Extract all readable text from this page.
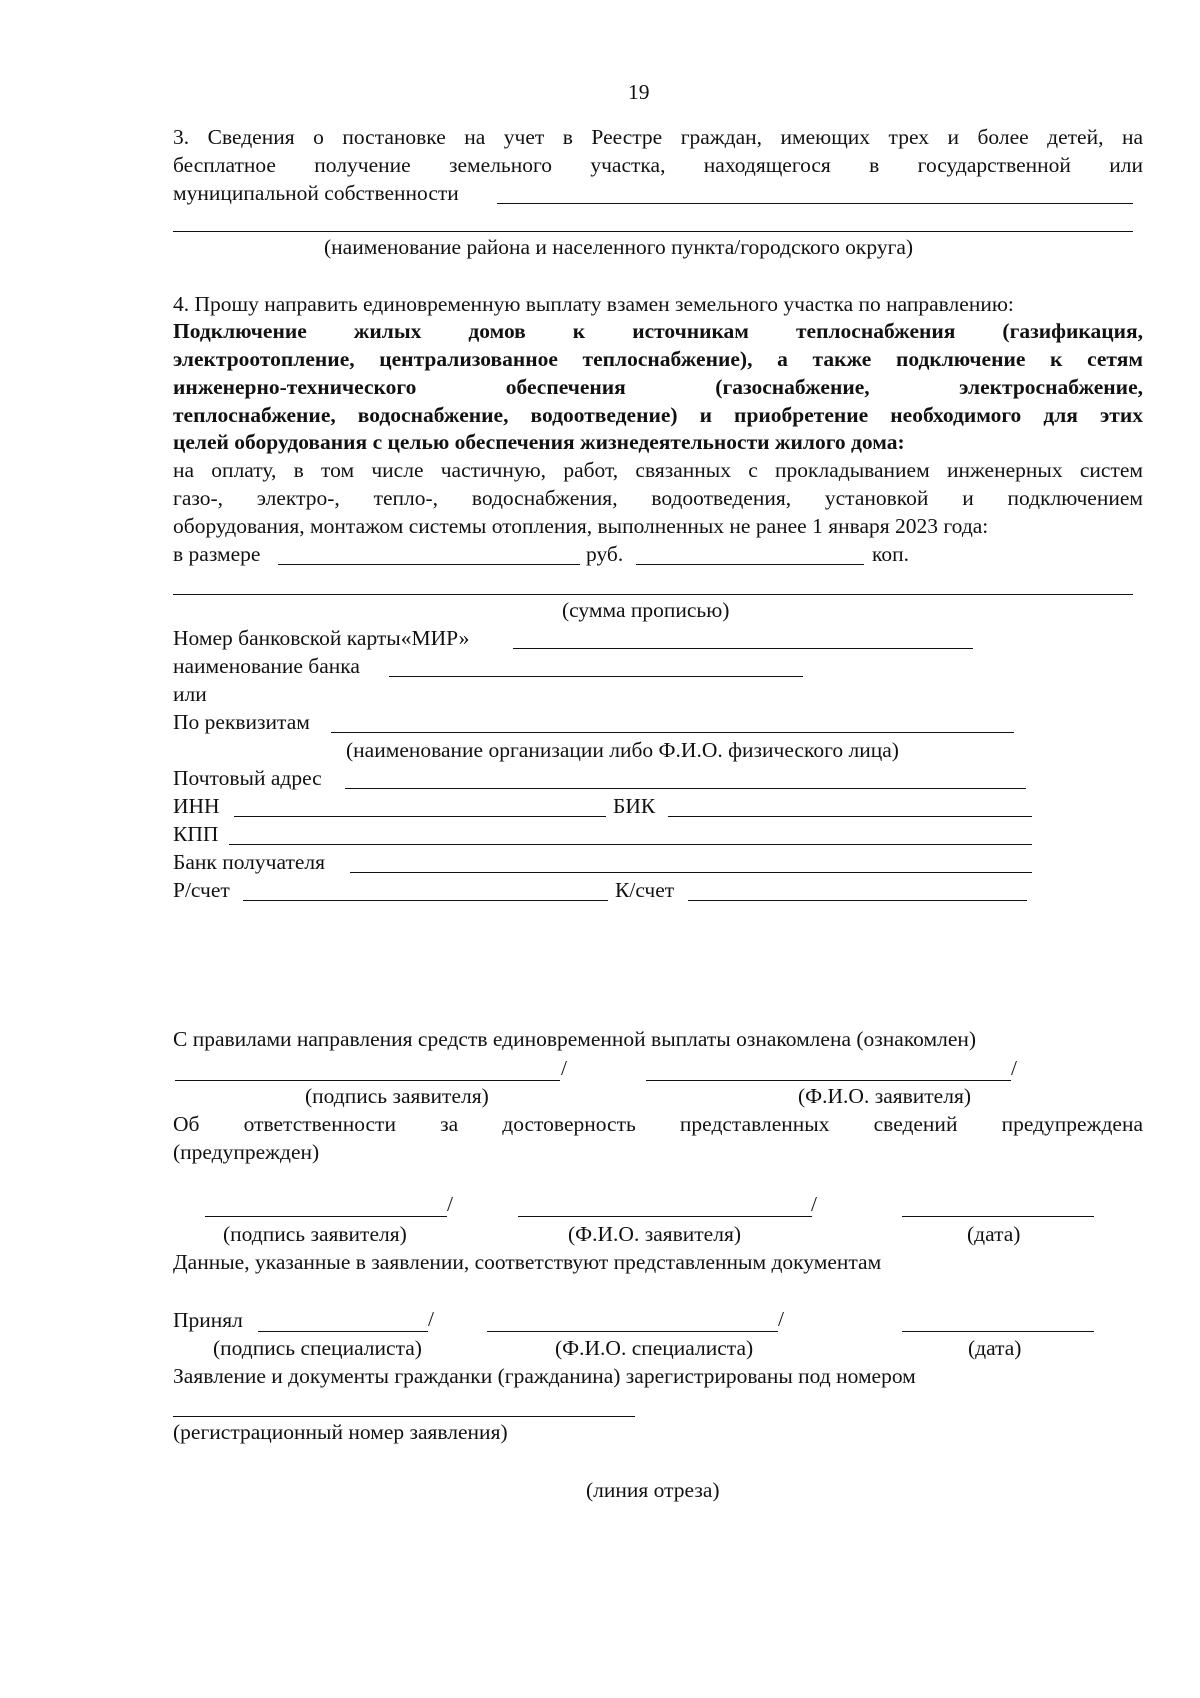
19
3. Сведения о постановке на учет в Реестре граждан, имеющих трех и более детей, на
бесплатное получение земельного участка, находящегося в государственной или
муниципальной собственности
(наименование района и населенного пункта/городского округа)
4. Прошу направить единовременную выплату взамен земельного участка по направлению:
Подключение жилых домов к источникам теплоснабжения (газификация,
электроотопление, централизованное теплоснабжение), а также подключение к сетям
инженерно-технического обеспечения (газоснабжение, электроснабжение,
теплоснабжение, водоснабжение, водоотведение) и приобретение необходимого для этих
целей оборудования с целью обеспечения жизнедеятельности жилого дома:
на оплату, в том числе частичную, работ, связанных с прокладыванием инженерных систем
газо-, электро-, тепло-, водоснабжения, водоотведения, установкой и подключением
оборудования, монтажом системы отопления, выполненных не ранее 1 января 2023 года:
в размере	руб.	коп.
(сумма прописью)
Номер банковской карты«МИР»
наименование банка
или
По реквизитам
(наименование организации либо Ф.И.О. физического лица)
Почтовый адрес
ИНН	БИК
КПП
Банк получателя
Р/счет	К/счет
С правилами направления средств единовременной выплаты ознакомлена (ознакомлен)
/	/
(подпись заявителя)	(Ф.И.О. заявителя)
Об ответственности за достоверность представленных сведений предупреждена
(предупрежден)
/	/
(подпись заявителя)	(Ф.И.О. заявителя)	(дата)
Данные, указанные в заявлении, соответствуют представленным документам
Принял	/	/
(подпись специалиста)	(Ф.И.О. специалиста)	(дата)
Заявление и документы гражданки (гражданина) зарегистрированы под номером
(регистрационный номер заявления)
(линия отреза)
